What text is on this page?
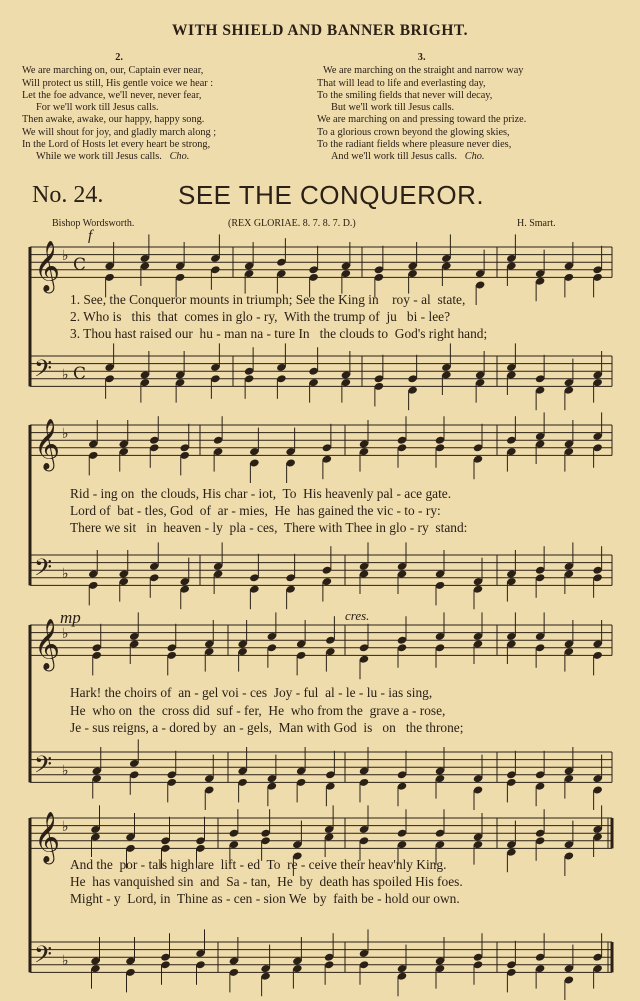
WITH SHIELD AND BANNER BRIGHT.
2.
We are marching on, our, Captain ever near,
Will protect us still, His gentle voice we hear :
Let the foe advance, we'll never, never fear,
For we'll work till Jesus calls.
Then awake, awake, our happy, happy song.
We will shout for joy, and gladly march along ;
In the Lord of Hosts let every heart be strong,
While we work till Jesus calls. Cho.
3.
We are marching on the straight and narrow way
That will lead to life and everlasting day,
To the smiling fields that never will decay,
But we'll work till Jesus calls.
We are marching on and pressing toward the prize.
To a glorious crown beyond the glowing skies,
To the radiant fields where pleasure never dies,
And we'll work till Jesus calls. Cho.
No. 24.	SEE THE CONQUEROR.
Bishop Wordsworth.	(REX GLORIAE. 8. 7. 8. 7. D.)	H. Smart.
𝄞 ♭ C
𝄢 ♭ C
𝄞 ♭
𝄢 ♭
𝄞 ♭
𝄢 ♭
𝄞 ♭
𝄢 ♭
f
mp	cres.
1. See, the Conqueror mounts in triumph; See the King in    roy - al  state,
2. Who is   this  that  comes in glo - ry,  With the trump of  ju   bi - lee?
3. Thou hast raised our  hu - man na - ture In   the clouds to  God's right hand;
Rid - ing on  the clouds, His char - iot,  To  His heavenly pal - ace gate.
Lord of  bat - tles, God  of  ar - mies,  He  has gained the vic - to - ry:
There we sit   in  heaven - ly  pla - ces,  There with Thee in glo - ry  stand:
Hark! the choirs of  an - gel voi - ces  Joy - ful  al - le - lu - ias sing,
He  who on  the  cross did  suf - fer,  He  who from the  grave a - rose,
Je - sus reigns, a - dored by  an - gels,  Man with God  is   on   the throne;
And the  por - tals high are  lift - ed  To  re - ceive their heav'nly King.
He  has vanquished sin  and  Sa - tan,  He  by  death has spoiled His foes.
Might - y  Lord, in  Thine as - cen - sion We  by  faith be - hold our own.
